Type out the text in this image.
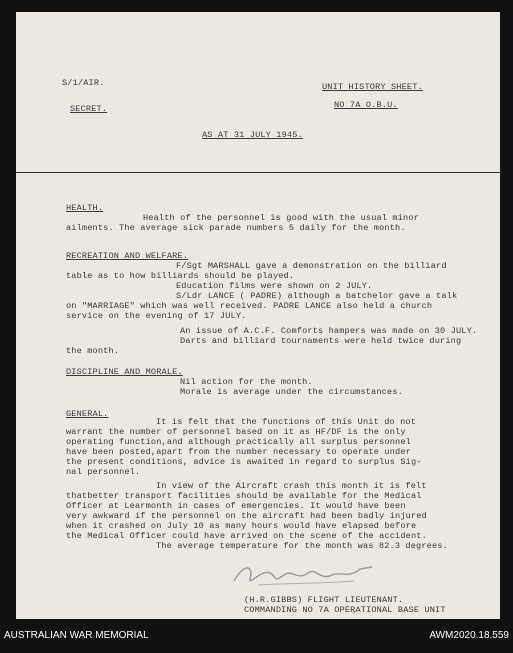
S/1/AIR.
SECRET.
UNIT HISTORY SHEET.
NO 7A O.B.U.
AS AT 31 JULY 1945.
HEALTH.
Health of the personnel is good with the usual minor
ailments. The average sick parade numbers 5 daily for the month.
RECREATION AND WELFARE.
F/Sgt MARSHALL gave a demonstration on the billiard
table as to how billiards should be played.
Education films were shown on 2 JULY.
S/Ldr LANCE ( PADRE) although a batchelor gave a talk
on "MARRIAGE" which was well received. PADRE LANCE also held a church
service on the evening of 17 JULY.
An issue of A.C.F. Comforts hampers was made on 30 JULY.
Darts and billiard tournaments were held twice during
the month.
DISCIPLINE AND MORALE.
Nil action for the month.
Morale is average under the circumstances.
GENERAL.
It is felt that the functions of this Unit do not
warrant the number of personnel based on it as HF/DF is the only
operating function,and although practically all surplus personnel
have been posted,apart from the number necessary to operate under
the present conditions, advice is awaited in regard to surplus Sig-
nal personnel.
In view of the Aircraft crash this month it is felt
thatbetter transport facilities should be available for the Medical
Officer at Learmonth in cases of emergencies. It would have been
very awkward if the personnel on the aircraft had been badly injured
when it crashed on July 10 as many hours would have elapsed before
the Medical Officer could have arrived on the scene of the accident.
The average temperature for the month was 82.3 degrees.
(H.R.GIBBS) FLIGHT LIEUTENANT.
COMMANDING NO 7A OPERATIONAL BASE UNIT
AUSTRALIAN WAR MEMORIAL	AWM2020.18.559
